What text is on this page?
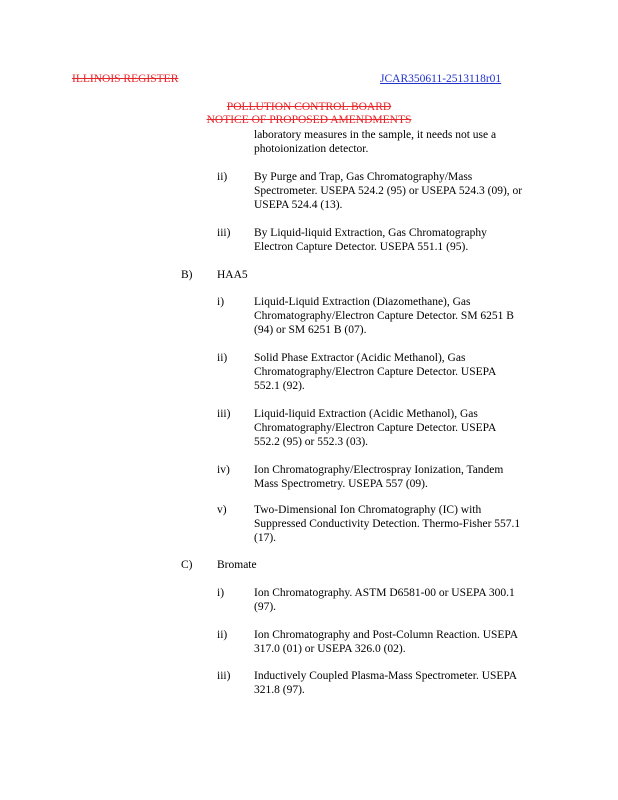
ILLINOIS REGISTER	JCAR350611-2513118r01
POLLUTION CONTROL BOARD
NOTICE OF PROPOSED AMENDMENTS
laboratory measures in the sample, it needs not use a
photoionization detector.
ii)	By Purge and Trap, Gas Chromatography/Mass
Spectrometer. USEPA 524.2 (95) or USEPA 524.3 (09), or
USEPA 524.4 (13).
iii)	By Liquid-liquid Extraction, Gas Chromatography
Electron Capture Detector. USEPA 551.1 (95).
B)	HAA5
i)	Liquid-Liquid Extraction (Diazomethane), Gas
Chromatography/Electron Capture Detector. SM 6251 B
(94) or SM 6251 B (07).
ii)	Solid Phase Extractor (Acidic Methanol), Gas
Chromatography/Electron Capture Detector. USEPA
552.1 (92).
iii)	Liquid-liquid Extraction (Acidic Methanol), Gas
Chromatography/Electron Capture Detector. USEPA
552.2 (95) or 552.3 (03).
iv)	Ion Chromatography/Electrospray Ionization, Tandem
Mass Spectrometry. USEPA 557 (09).
v)	Two-Dimensional Ion Chromatography (IC) with
Suppressed Conductivity Detection. Thermo-Fisher 557.1
(17).
C)	Bromate
i)	Ion Chromatography. ASTM D6581-00 or USEPA 300.1
(97).
ii)	Ion Chromatography and Post-Column Reaction. USEPA
317.0 (01) or USEPA 326.0 (02).
iii)	Inductively Coupled Plasma-Mass Spectrometer. USEPA
321.8 (97).
